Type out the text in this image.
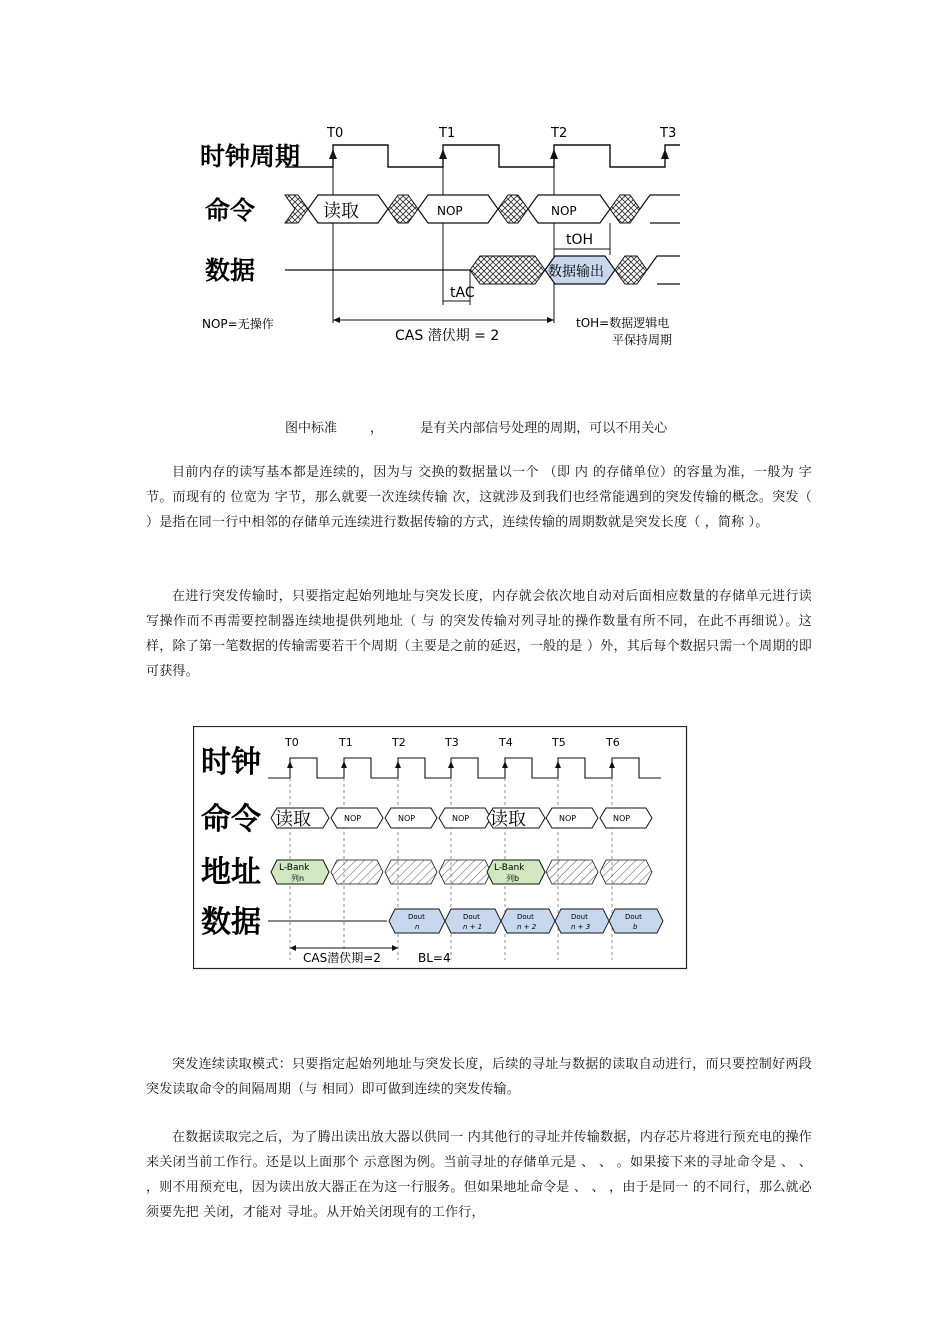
时钟周期
命令
数据
T0	T1	T2	T3
读取	NOP	NOP
数据输出
tOH
tAC
CAS 潜伏期 = 2
NOP=无操作	tOH=数据逻辑电
平保持周期
图中标准        ，         是有关内部信号处理的周期，可以不用关心

目前内存的读写基本都是连续的，因为与 交换的数据量以一个 （即 内 的存储单位）的容量为准，一般为 字节。而现有的 位宽为 字节，那么就要一次连续传输 次，这就涉及到我们也经常能遇到的突发传输的概念。突发（ ）是指在同一行中相邻的存储单元连续进行数据传输的方式，连续传输的周期数就是突发长度（ ，简称 ）。

在进行突发传输时，只要指定起始列地址与突发长度，内存就会依次地自动对后面相应数量的存储单元进行读 写操作而不再需要控制器连续地提供列地址（ 与 的突发传输对列寻址的操作数量有所不同，在此不再细说）。这样，除了第一笔数据的传输需要若干个周期（主要是之前的延迟，一般的是 ）外，其后每个数据只需一个周期的即可获得。

时钟
命令
地址
数据
T0	T1	T2	T3	T4	T5	T6
读取	NOP	NOP	NOP 读取	NOP	NOP
L-Bank
列n
L-Bank
列b
Dout	Dout	Dout	Dout	Dout
n	n + 1	n + 2	n + 3	b
CAS潜伏期=2	BL=4

突发连续读取模式：只要指定起始列地址与突发长度，后续的寻址与数据的读取自动进行，而只要控制好两段突发读取命令的间隔周期（与 相同）即可做到连续的突发传输。

在数据读取完之后，为了腾出读出放大器以供同一 内其他行的寻址并传输数据，内存芯片将进行预充电的操作来关闭当前工作行。还是以上面那个 示意图为例。当前寻址的存储单元是 、 、 。如果接下来的寻址命令是 、 、 ，则不用预充电，因为读出放大器正在为这一行服务。但如果地址命令是 、 、 ，由于是同一 的不同行，那么就必须要先把 关闭，才能对 寻址。从开始关闭现有的工作行，
